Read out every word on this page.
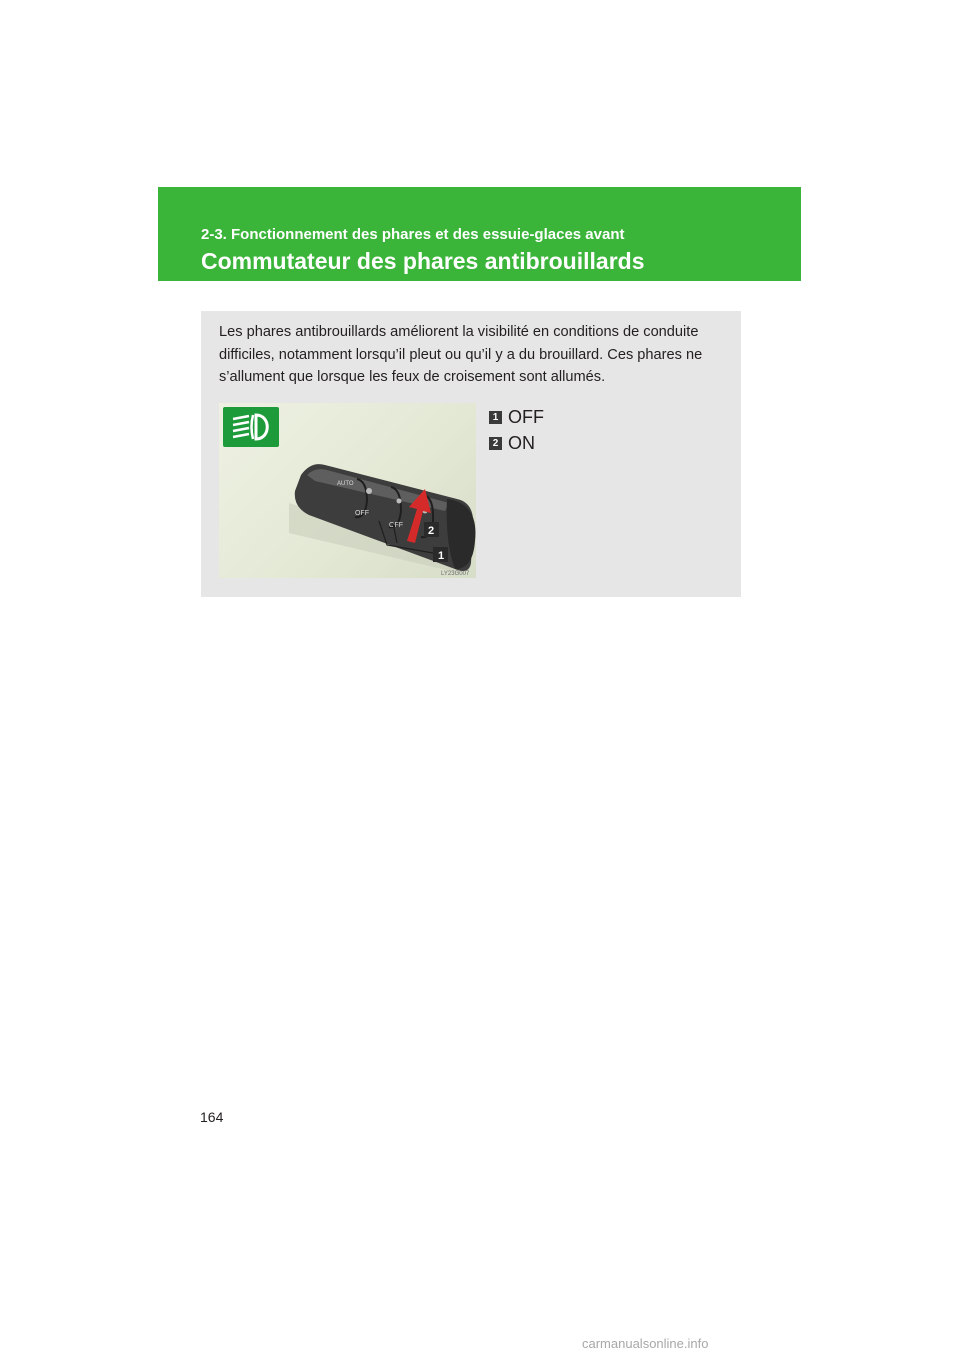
2-3. Fonctionnement des phares et des essuie-glaces avant
Commutateur des phares antibrouillards
Les phares antibrouillards améliorent la visibilité en conditions de conduite difficiles, notamment lorsqu’il pleut ou qu’il y a du brouillard. Ces phares ne s’allument que lorsque les feux de croisement sont allumés.
AUTO
OFF
OFF 2
1
LY23G007
1 OFF
2 ON
164
carmanualsonline.info
